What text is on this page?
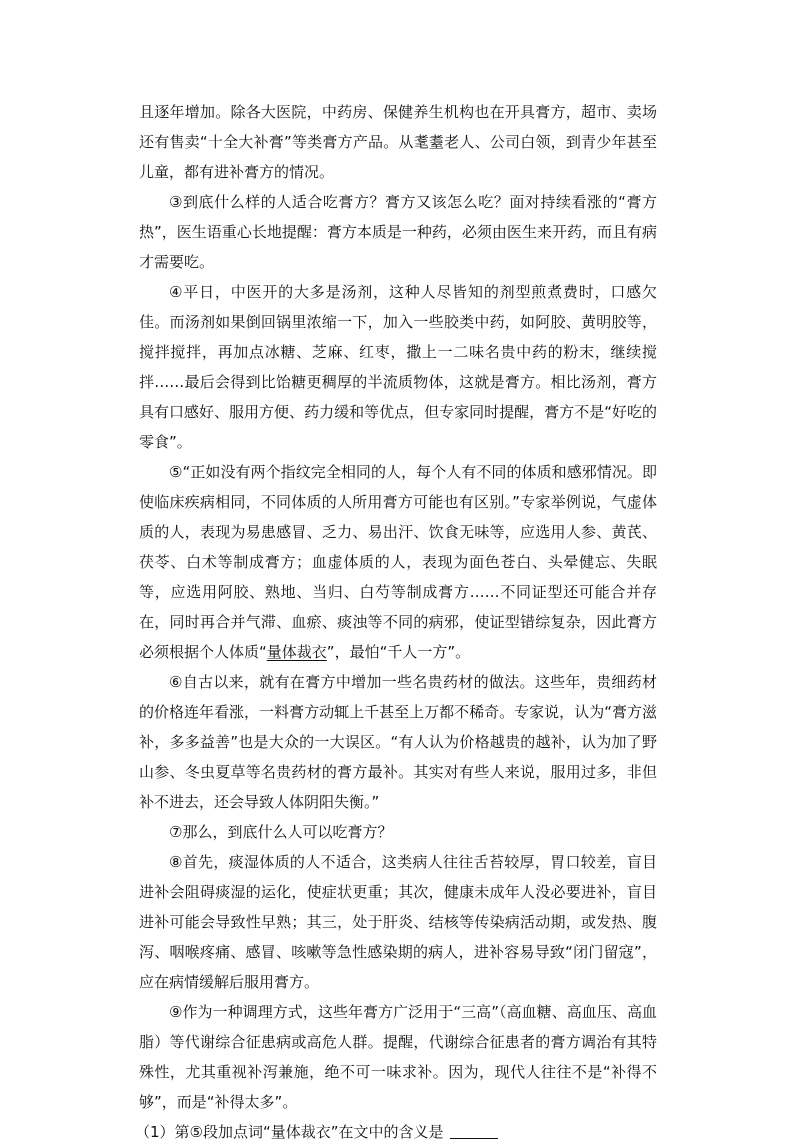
且逐年增加。除各大医院，中药房、保健养生机构也在开具膏方，超市、卖场还有售卖“十全大补膏”等类膏方产品。从耄耋老人、公司白领，到青少年甚至儿童，都有进补膏方的情况。

③到底什么样的人适合吃膏方？膏方又该怎么吃？面对持续看涨的“膏方热”，医生语重心长地提醒：膏方本质是一种药，必须由医生来开药，而且有病才需要吃。

④平日，中医开的大多是汤剂，这种人尽皆知的剂型煎煮费时，口感欠佳。而汤剂如果倒回锅里浓缩一下，加入一些胶类中药，如阿胶、黄明胶等，搅拌搅拌，再加点冰糖、芝麻、红枣，撒上一二味名贵中药的粉末，继续搅拌……最后会得到比饴糖更稠厚的半流质物体，这就是膏方。相比汤剂，膏方具有口感好、服用方便、药力缓和等优点，但专家同时提醒，膏方不是“好吃的零食”。

⑤“正如没有两个指纹完全相同的人，每个人有不同的体质和感邪情况。即使临床疾病相同，不同体质的人所用膏方可能也有区别。”专家举例说，气虚体质的人，表现为易患感冒、乏力、易出汗、饮食无味等，应选用人参、黄芪、茯苓、白术等制成膏方；血虚体质的人，表现为面色苍白、头晕健忘、失眠等，应选用阿胶、熟地、当归、白芍等制成膏方……不同证型还可能合并存在，同时再合并气滞、血瘀、痰浊等不同的病邪，使证型错综复杂，因此膏方必须根据个人体质“量体裁衣”，最怕“千人一方”。

⑥自古以来，就有在膏方中增加一些名贵药材的做法。这些年，贵细药材的价格连年看涨，一料膏方动辄上千甚至上万都不稀奇。专家说，认为“膏方滋补，多多益善”也是大众的一大误区。“有人认为价格越贵的越补，认为加了野山参、冬虫夏草等名贵药材的膏方最补。其实对有些人来说，服用过多，非但补不进去，还会导致人体阴阳失衡。”

⑦那么，到底什么人可以吃膏方？

⑧首先，痰湿体质的人不适合，这类病人往往舌苔较厚，胃口较差，盲目进补会阻碍痰湿的运化，使症状更重；其次，健康未成年人没必要进补，盲目进补可能会导致性早熟；其三，处于肝炎、结核等传染病活动期，或发热、腹泻、咽喉疼痛、感冒、咳嗽等急性感染期的病人，进补容易导致“闭门留寇”，应在病情缓解后服用膏方。

⑨作为一种调理方式，这些年膏方广泛用于“三高”（高血糖、高血压、高血脂）等代谢综合征患病或高危人群。提醒，代谢综合征患者的膏方调治有其特殊性，尤其重视补泻兼施，绝不可一味求补。因为，现代人往往不是“补得不够”，而是“补得太多”。

（1）第⑤段加点词“量体裁衣”在文中的含义是
